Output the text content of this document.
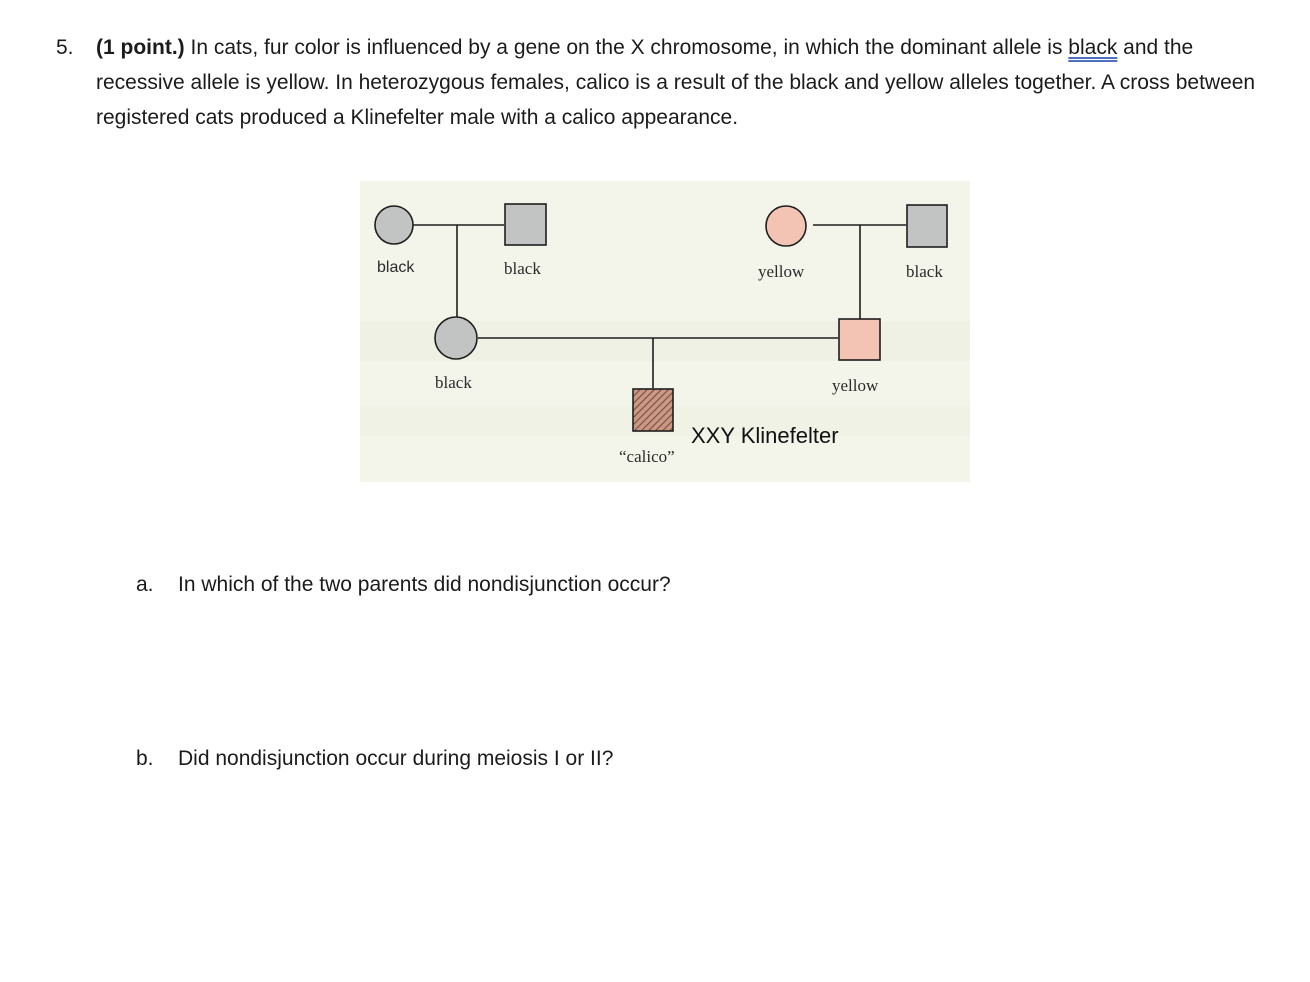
5. (1 point.) In cats, fur color is influenced by a gene on the X chromosome, in which the dominant allele is black and the recessive allele is yellow. In heterozygous females, calico is a result of the black and yellow alleles together. A cross between registered cats produced a Klinefelter male with a calico appearance.
black	black	yellow	black
black	yellow
“calico”
XXY Klinefelter
a. In which of the two parents did nondisjunction occur?
b. Did nondisjunction occur during meiosis I or II?
